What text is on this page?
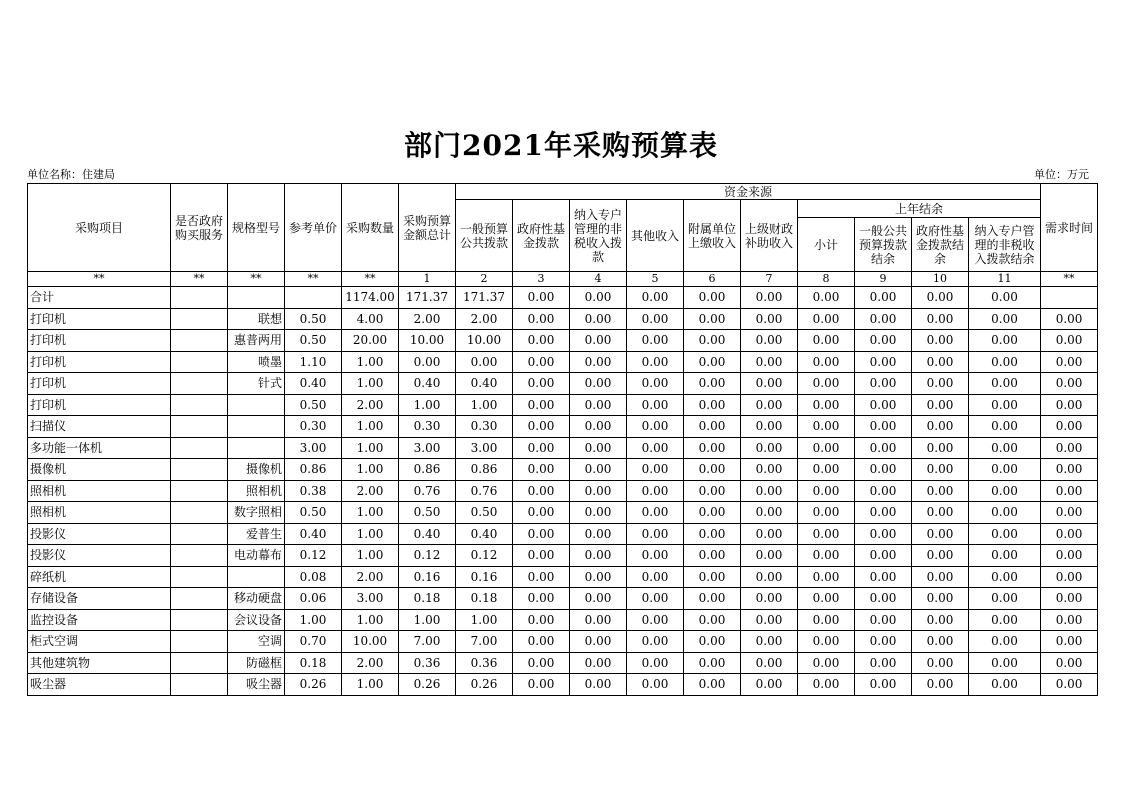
部门2021年采购预算表
单位名称：住建局	单位：万元
采购项目	是否政府购买服务	规格型号	参考单价	采购数量	采购预算金额总计	资金来源										需求时间
						一般预算公共拨款	政府性基金拨款	纳入专户管理的非税收入拨款	其他收入	附属单位上缴收入	上级财政补助收入	上年结余				
												小计	一般公共预算拨款结余	政府性基金拨款结余	纳入专户管理的非税收入拨款结余	
**	**	**	**	**	1	2	3	4	5	6	7	8	9	10	11	**
合计				1174.00	171.37	171.37	0.00	0.00	0.00	0.00	0.00	0.00	0.00	0.00	0.00	
打印机		联想	0.50	4.00	2.00	2.00	0.00	0.00	0.00	0.00	0.00	0.00	0.00	0.00	0.00	0.00
打印机		惠普两用	0.50	20.00	10.00	10.00	0.00	0.00	0.00	0.00	0.00	0.00	0.00	0.00	0.00	0.00
打印机		喷墨	1.10	1.00	0.00	0.00	0.00	0.00	0.00	0.00	0.00	0.00	0.00	0.00	0.00	0.00
打印机		针式	0.40	1.00	0.40	0.40	0.00	0.00	0.00	0.00	0.00	0.00	0.00	0.00	0.00	0.00
打印机			0.50	2.00	1.00	1.00	0.00	0.00	0.00	0.00	0.00	0.00	0.00	0.00	0.00	0.00
扫描仪			0.30	1.00	0.30	0.30	0.00	0.00	0.00	0.00	0.00	0.00	0.00	0.00	0.00	0.00
多功能一体机			3.00	1.00	3.00	3.00	0.00	0.00	0.00	0.00	0.00	0.00	0.00	0.00	0.00	0.00
摄像机		摄像机	0.86	1.00	0.86	0.86	0.00	0.00	0.00	0.00	0.00	0.00	0.00	0.00	0.00	0.00
照相机		照相机	0.38	2.00	0.76	0.76	0.00	0.00	0.00	0.00	0.00	0.00	0.00	0.00	0.00	0.00
照相机		数字照相	0.50	1.00	0.50	0.50	0.00	0.00	0.00	0.00	0.00	0.00	0.00	0.00	0.00	0.00
投影仪		爱普生	0.40	1.00	0.40	0.40	0.00	0.00	0.00	0.00	0.00	0.00	0.00	0.00	0.00	0.00
投影仪		电动幕布	0.12	1.00	0.12	0.12	0.00	0.00	0.00	0.00	0.00	0.00	0.00	0.00	0.00	0.00
碎纸机			0.08	2.00	0.16	0.16	0.00	0.00	0.00	0.00	0.00	0.00	0.00	0.00	0.00	0.00
存储设备		移动硬盘	0.06	3.00	0.18	0.18	0.00	0.00	0.00	0.00	0.00	0.00	0.00	0.00	0.00	0.00
监控设备		会议设备	1.00	1.00	1.00	1.00	0.00	0.00	0.00	0.00	0.00	0.00	0.00	0.00	0.00	0.00
柜式空调		空调	0.70	10.00	7.00	7.00	0.00	0.00	0.00	0.00	0.00	0.00	0.00	0.00	0.00	0.00
其他建筑物		防磁框	0.18	2.00	0.36	0.36	0.00	0.00	0.00	0.00	0.00	0.00	0.00	0.00	0.00	0.00
吸尘器		吸尘器	0.26	1.00	0.26	0.26	0.00	0.00	0.00	0.00	0.00	0.00	0.00	0.00	0.00	0.00
